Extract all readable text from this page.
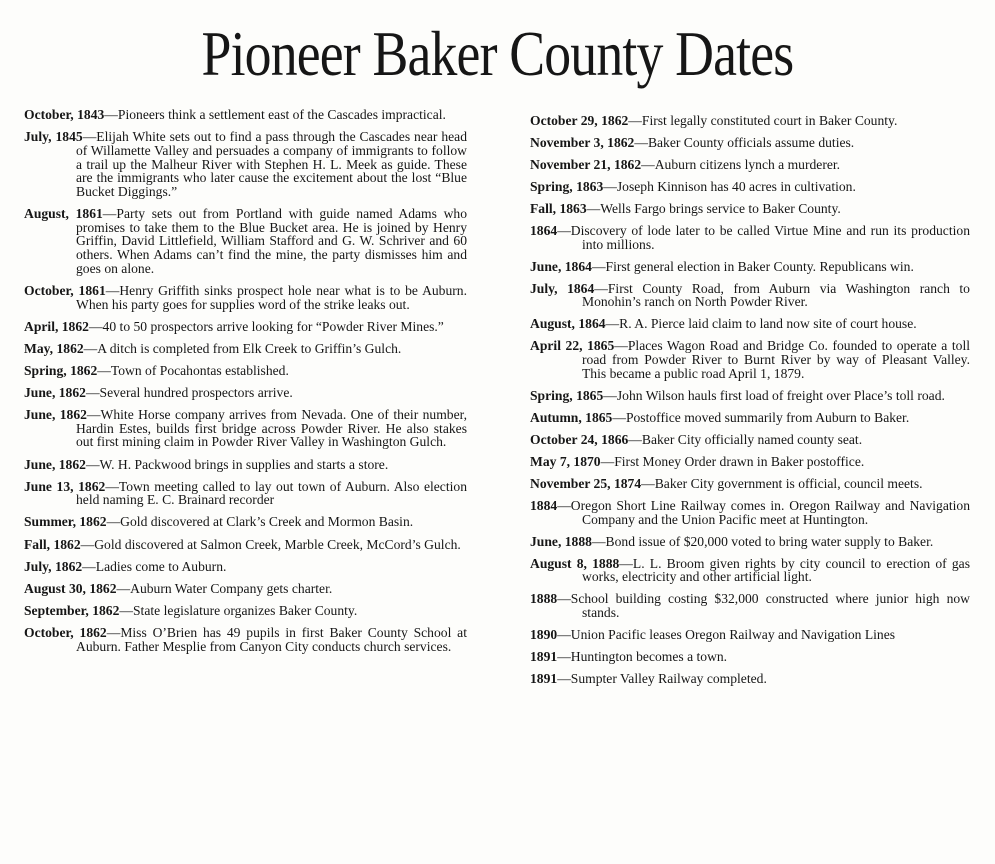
Pioneer Baker County Dates

October, 1843—Pioneers think a settlement east of the Cascades impractical.

July, 1845—Elijah White sets out to find a pass through the Cascades near head of Willamette Valley and persuades a company of immigrants to follow a trail up the Malheur River with Stephen H. L. Meek as guide. These are the immigrants who later cause the excitement about the lost “Blue Bucket Diggings.”

August, 1861—Party sets out from Portland with guide named Adams who promises to take them to the Blue Bucket area. He is joined by Henry Griffin, David Littlefield, William Stafford and G. W. Schriver and 60 others. When Adams can’t find the mine, the party dismisses him and goes on alone.

October, 1861—Henry Griffith sinks prospect hole near what is to be Auburn. When his party goes for supplies word of the strike leaks out.

April, 1862—40 to 50 prospectors arrive looking for “Powder River Mines.”

May, 1862—A ditch is completed from Elk Creek to Griffin’s Gulch.

Spring, 1862—Town of Pocahontas established.

June, 1862—Several hundred prospectors arrive.

June, 1862—White Horse company arrives from Nevada. One of their number, Hardin Estes, builds first bridge across Powder River. He also stakes out first mining claim in Powder River Valley in Washington Gulch.

June, 1862—W. H. Packwood brings in supplies and starts a store.

June 13, 1862—Town meeting called to lay out town of Auburn. Also election held naming E. C. Brainard recorder

Summer, 1862—Gold discovered at Clark’s Creek and Mormon Basin.

Fall, 1862—Gold discovered at Salmon Creek, Marble Creek, McCord’s Gulch.

July, 1862—Ladies come to Auburn.

August 30, 1862—Auburn Water Company gets charter.

September, 1862—State legislature organizes Baker County.

October, 1862—Miss O’Brien has 49 pupils in first Baker County School at Auburn. Father Mesplie from Canyon City conducts church services.

October 29, 1862—First legally constituted court in Baker County.

November 3, 1862—Baker County officials assume duties.

November 21, 1862—Auburn citizens lynch a murderer.

Spring, 1863—Joseph Kinnison has 40 acres in cultivation.

Fall, 1863—Wells Fargo brings service to Baker County.

1864—Discovery of lode later to be called Virtue Mine and run its production into millions.

June, 1864—First general election in Baker County. Republicans win.

July, 1864—First County Road, from Auburn via Washington ranch to Monohin’s ranch on North Powder River.

August, 1864—R. A. Pierce laid claim to land now site of court house.

April 22, 1865—Places Wagon Road and Bridge Co. founded to operate a toll road from Powder River to Burnt River by way of Pleasant Valley. This became a public road April 1, 1879.

Spring, 1865—John Wilson hauls first load of freight over Place’s toll road.

Autumn, 1865—Postoffice moved summarily from Auburn to Baker.

October 24, 1866—Baker City officially named county seat.

May 7, 1870—First Money Order drawn in Baker postoffice.

November 25, 1874—Baker City government is official, council meets.

1884—Oregon Short Line Railway comes in. Oregon Railway and Navigation Company and the Union Pacific meet at Huntington.

June, 1888—Bond issue of $20,000 voted to bring water supply to Baker.

August 8, 1888—L. L. Broom given rights by city council to erection of gas works, electricity and other artificial light.

1888—School building costing $32,000 constructed where junior high now stands.

1890—Union Pacific leases Oregon Railway and Navigation Lines

1891—Huntington becomes a town.

1891—Sumpter Valley Railway completed.
